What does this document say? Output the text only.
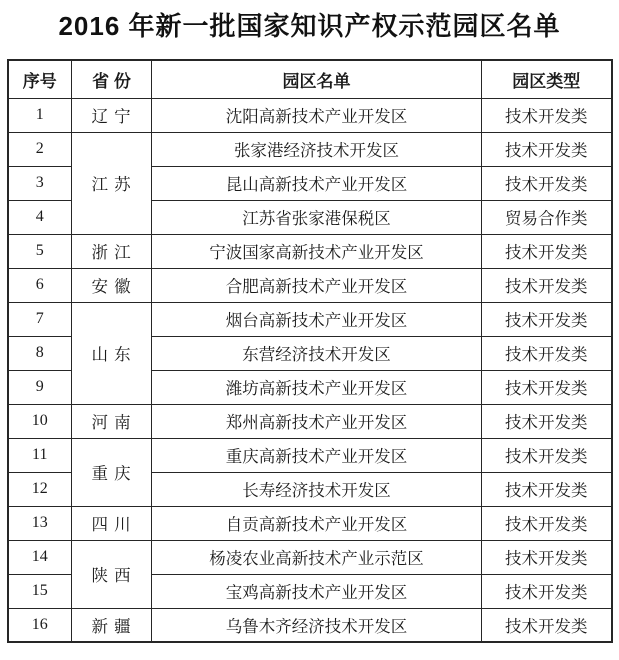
2016 年新一批国家知识产权示范园区名单
序号	省 份	园区名单	园区类型
1	辽 宁	沈阳高新技术产业开发区	技术开发类
2	江 苏	张家港经济技术开发区	技术开发类
3		昆山高新技术产业开发区	技术开发类
4		江苏省张家港保税区	贸易合作类
5	浙 江	宁波国家高新技术产业开发区	技术开发类
6	安 徽	合肥高新技术产业开发区	技术开发类
7	山 东	烟台高新技术产业开发区	技术开发类
8		东营经济技术开发区	技术开发类
9		潍坊高新技术产业开发区	技术开发类
10	河 南	郑州高新技术产业开发区	技术开发类
11	重 庆	重庆高新技术产业开发区	技术开发类
12		长寿经济技术开发区	技术开发类
13	四 川	自贡高新技术产业开发区	技术开发类
14	陕 西	杨凌农业高新技术产业示范区	技术开发类
15		宝鸡高新技术产业开发区	技术开发类
16	新 疆	乌鲁木齐经济技术开发区	技术开发类
